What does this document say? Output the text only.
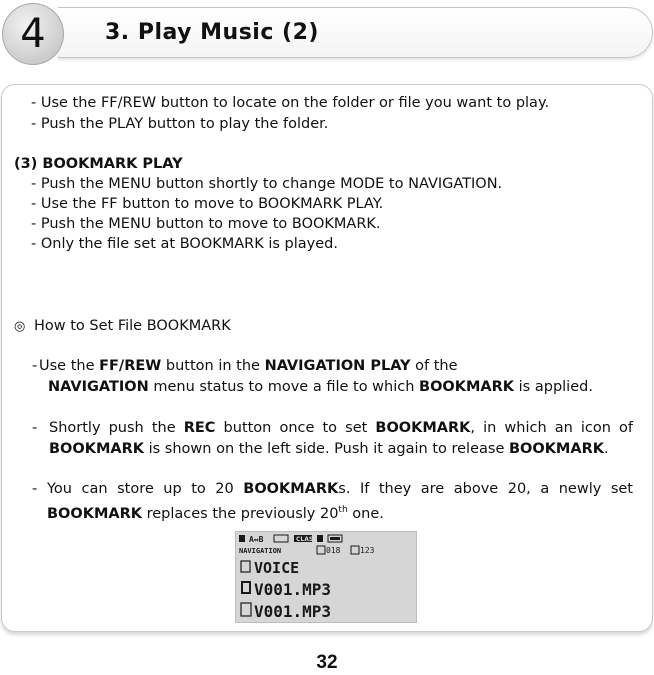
4	3. Play Music (2)
- Use the FF/REW button to locate on the folder or file you want to play.
- Push the PLAY button to play the folder.
(3) BOOKMARK PLAY
- Push the MENU button shortly to change MODE to NAVIGATION.
- Use the FF button to move to BOOKMARK PLAY.
- Push the MENU button to move to BOOKMARK.
- Only the file set at BOOKMARK is played.
◎ How to Set File BOOKMARK
- Use the FF/REW button in the NAVIGATION PLAY of the
NAVIGATION menu status to move a file to which BOOKMARK is applied.
- Shortly push the REC button once to set BOOKMARK, in which an icon of BOOKMARK is shown on the left side. Push it again to release BOOKMARK.
- You can store up to 20 BOOKMARKs. If they are above 20, a newly set BOOKMARK replaces the previously 20th one.
A↔B	CLAS
NAVIGATION	018 123
VOICE
V001.MP3
V001.MP3
32
